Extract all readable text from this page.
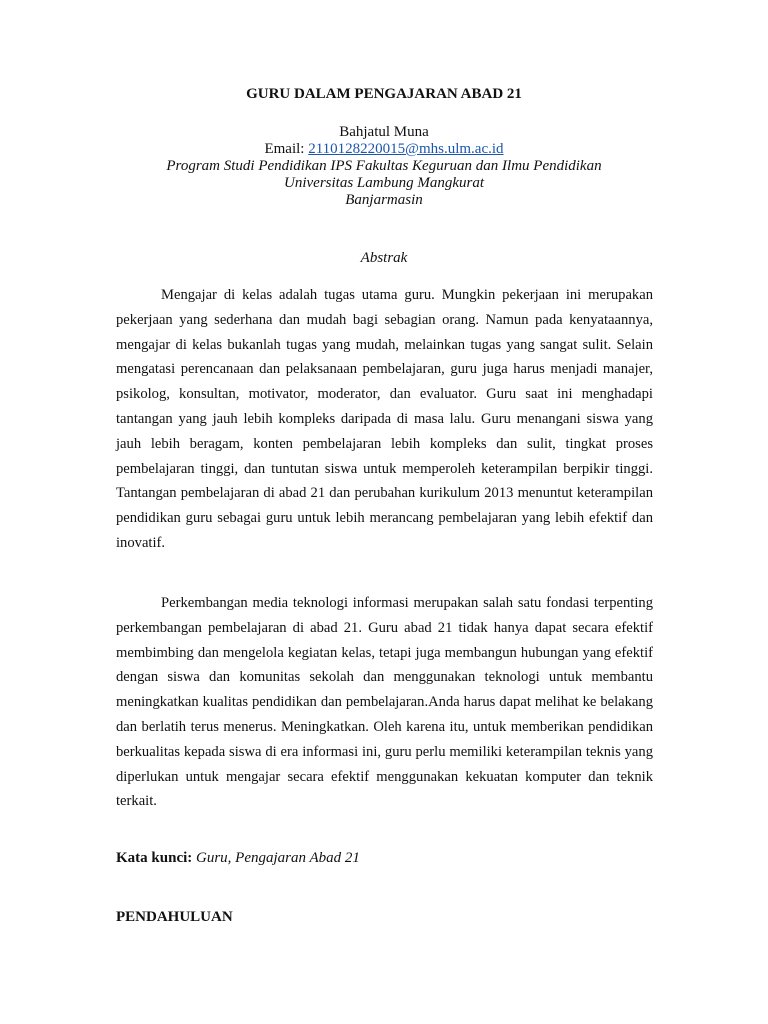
GURU DALAM PENGAJARAN ABAD 21
Bahjatul Muna
Email: 2110128220015@mhs.ulm.ac.id
Program Studi Pendidikan IPS Fakultas Keguruan dan Ilmu Pendidikan
Universitas Lambung Mangkurat
Banjarmasin
Abstrak

Mengajar di kelas adalah tugas utama guru. Mungkin pekerjaan ini merupakan pekerjaan yang sederhana dan mudah bagi sebagian orang. Namun pada kenyataannya, mengajar di kelas bukanlah tugas yang mudah, melainkan tugas yang sangat sulit. Selain mengatasi perencanaan dan pelaksanaan pembelajaran, guru juga harus menjadi manajer, psikolog, konsultan, motivator, moderator, dan evaluator. Guru saat ini menghadapi tantangan yang jauh lebih kompleks daripada di masa lalu. Guru menangani siswa yang jauh lebih beragam, konten pembelajaran lebih kompleks dan sulit, tingkat proses pembelajaran tinggi, dan tuntutan siswa untuk memperoleh keterampilan berpikir tinggi. Tantangan pembelajaran di abad 21 dan perubahan kurikulum 2013 menuntut keterampilan pendidikan guru sebagai guru untuk lebih merancang pembelajaran yang lebih efektif dan inovatif.

Perkembangan media teknologi informasi merupakan salah satu fondasi terpenting perkembangan pembelajaran di abad 21. Guru abad 21 tidak hanya dapat secara efektif membimbing dan mengelola kegiatan kelas, tetapi juga membangun hubungan yang efektif dengan siswa dan komunitas sekolah dan menggunakan teknologi untuk membantu meningkatkan kualitas pendidikan dan pembelajaran.Anda harus dapat melihat ke belakang dan berlatih terus menerus. Meningkatkan. Oleh karena itu, untuk memberikan pendidikan berkualitas kepada siswa di era informasi ini, guru perlu memiliki keterampilan teknis yang diperlukan untuk mengajar secara efektif menggunakan kekuatan komputer dan teknik terkait.

Kata kunci: Guru, Pengajaran Abad 21
PENDAHULUAN
